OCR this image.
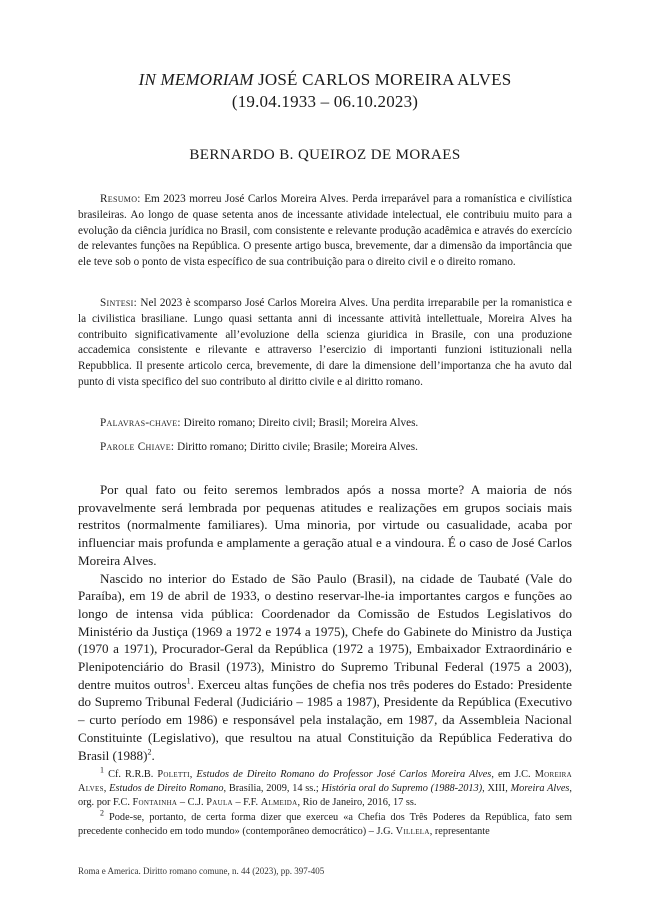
IN MEMORIAM JOSÉ CARLOS MOREIRA ALVES
(19.04.1933 – 06.10.2023)
BERNARDO B. QUEIROZ DE MORAES

Resumo: Em 2023 morreu José Carlos Moreira Alves. Perda irreparável para a romanística e civilística brasileiras. Ao longo de quase setenta anos de incessante atividade intelectual, ele contribuiu muito para a evolução da ciência jurídica no Brasil, com consistente e relevante produção acadêmica e através do exercício de relevantes funções na República. O presente artigo busca, brevemente, dar a dimensão da importância que ele teve sob o ponto de vista específico de sua contribuição para o direito civil e o direito romano.

Sintesi: Nel 2023 è scomparso José Carlos Moreira Alves. Una perdita irreparabile per la romanistica e la civilistica brasiliane. Lungo quasi settanta anni di incessante attività intellettuale, Moreira Alves ha contribuito significativamente all’evoluzione della scienza giuridica in Brasile, con una produzione accademica consistente e rilevante e attraverso l’esercizio di importanti funzioni istituzionali nella Repubblica. Il presente articolo cerca, brevemente, di dare la dimensione dell’importanza che ha avuto dal punto di vista specifico del suo contributo al diritto civile e al diritto romano.

Palavras-chave: Direito romano; Direito civil; Brasil; Moreira Alves.

Parole Chiave: Diritto romano; Diritto civile; Brasile; Moreira Alves.

Por qual fato ou feito seremos lembrados após a nossa morte? A maioria de nós provavelmente será lembrada por pequenas atitudes e realizações em grupos sociais mais restritos (normalmente familiares). Uma minoria, por virtude ou casualidade, acaba por influenciar mais profunda e amplamente a geração atual e a vindoura. É o caso de José Carlos Moreira Alves.

Nascido no interior do Estado de São Paulo (Brasil), na cidade de Taubaté (Vale do Paraíba), em 19 de abril de 1933, o destino reservar-lhe-ia importantes cargos e funções ao longo de intensa vida pública: Coordenador da Comissão de Estudos Legislativos do Ministério da Justiça (1969 a 1972 e 1974 a 1975), Chefe do Gabinete do Ministro da Justiça (1970 a 1971), Procurador-Geral da República (1972 a 1975), Embaixador Extraordinário e Plenipotenciário do Brasil (1973), Ministro do Supremo Tribunal Federal (1975 a 2003), dentre muitos outros$^1$. Exerceu altas funções de chefia nos três poderes do Estado: Presidente do Supremo Tribunal Federal (Judiciário – 1985 a 1987), Presidente da República (Executivo – curto período em 1986) e responsável pela instalação, em 1987, da Assembleia Nacional Constituinte (Legislativo), que resultou na atual Constituição da República Federativa do Brasil $(1988)^2$.

$^1$ Cf. R.R.B. Poletti, Estudos de Direito Romano do Professor José Carlos Moreira Alves, em J.C. Moreira Alves, Estudos de Direito Romano, Brasília, 2009, 14 ss.; História oral do Supremo (1988-2013), XIII, Moreira Alves, org. por F.C. Fontainha – C.J. Paula – F.F. Almeida, Rio de Janeiro, 2016, 17 ss.

$^2$ Pode-se, portanto, de certa forma dizer que exerceu «a Chefia dos Três Poderes da República, fato sem precedente conhecido em todo mundo» (contemporâneo democrático) – J.G. Villela, representante

Roma e America. Diritto romano comune, n. 44 (2023), pp. 397-405
